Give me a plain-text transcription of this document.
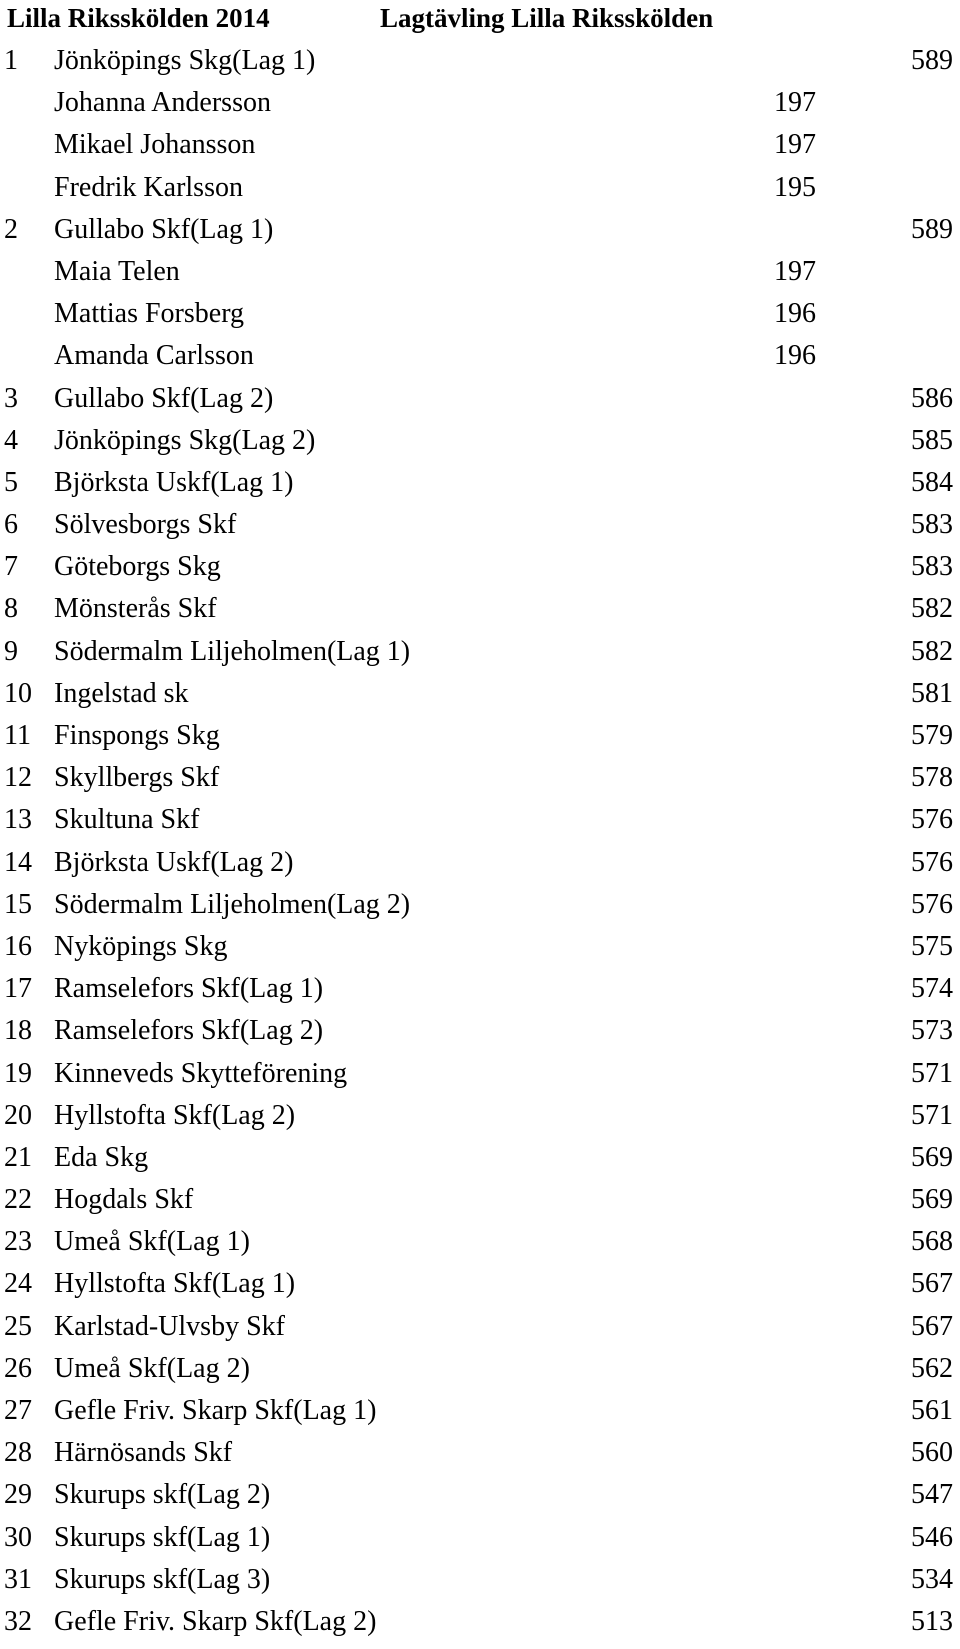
Lilla Riksskölden 2014	Lagtävling Lilla Riksskölden
1 Jönköpings Skg(Lag 1)	589
Johanna Andersson	197
Mikael Johansson	197
Fredrik Karlsson	195
2 Gullabo Skf(Lag 1)	589
Maia Telen	197
Mattias Forsberg	196
Amanda Carlsson	196
3 Gullabo Skf(Lag 2)	586
4 Jönköpings Skg(Lag 2)	585
5 Björksta Uskf(Lag 1)	584
6 Sölvesborgs Skf	583
7 Göteborgs Skg	583
8 Mönsterås Skf	582
9 Södermalm Liljeholmen(Lag 1)	582
10 Ingelstad sk	581
11 Finspongs Skg	579
12 Skyllbergs Skf	578
13 Skultuna Skf	576
14 Björksta Uskf(Lag 2)	576
15 Södermalm Liljeholmen(Lag 2)	576
16 Nyköpings Skg	575
17 Ramselefors Skf(Lag 1)	574
18 Ramselefors Skf(Lag 2)	573
19 Kinneveds Skytteförening	571
20 Hyllstofta Skf(Lag 2)	571
21 Eda Skg	569
22 Hogdals Skf	569
23 Umeå Skf(Lag 1)	568
24 Hyllstofta Skf(Lag 1)	567
25 Karlstad-Ulvsby Skf	567
26 Umeå Skf(Lag 2)	562
27 Gefle Friv. Skarp Skf(Lag 1)	561
28 Härnösands Skf	560
29 Skurups skf(Lag 2)	547
30 Skurups skf(Lag 1)	546
31 Skurups skf(Lag 3)	534
32 Gefle Friv. Skarp Skf(Lag 2)	513
